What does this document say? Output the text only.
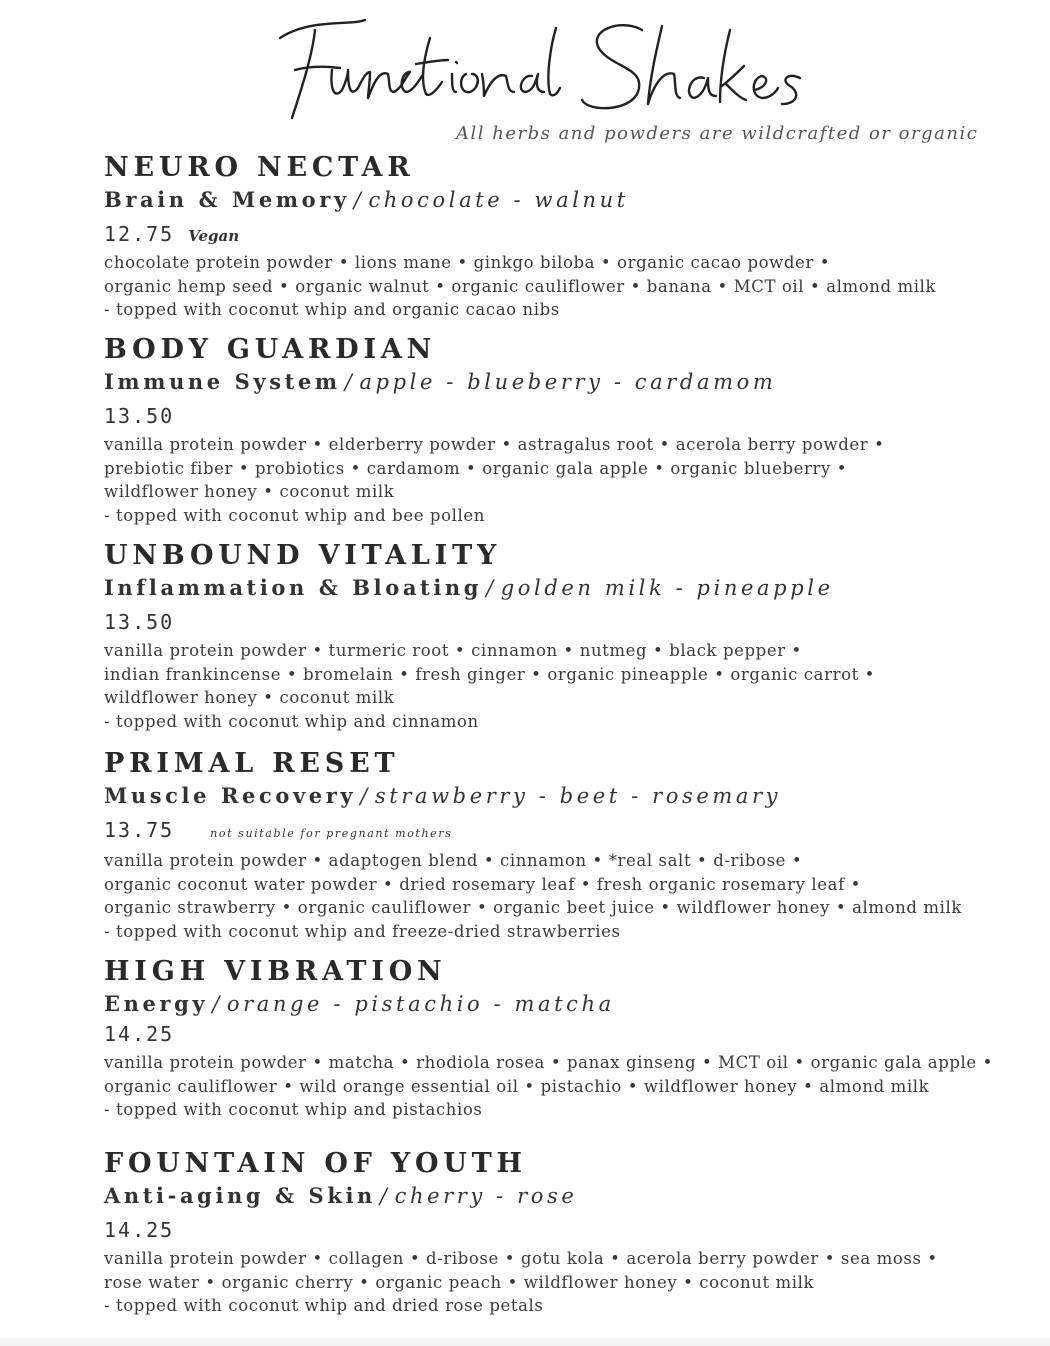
All herbs and powders are wildcrafted or organic
NEURO NECTAR
Brain & Memory / chocolate - walnut
12.75 Vegan
chocolate protein powder • lions mane • ginkgo biloba • organic cacao powder •
organic hemp seed • organic walnut • organic cauliflower • banana • MCT oil • almond milk
- topped with coconut whip and organic cacao nibs
BODY GUARDIAN
Immune System / apple - blueberry - cardamom
13.50
vanilla protein powder • elderberry powder • astragalus root • acerola berry powder •
prebiotic fiber • probiotics • cardamom • organic gala apple • organic blueberry •
wildflower honey • coconut milk
- topped with coconut whip and bee pollen
UNBOUND VITALITY
Inflammation & Bloating / golden milk - pineapple
13.50
vanilla protein powder • turmeric root • cinnamon • nutmeg • black pepper •
indian frankincense • bromelain • fresh ginger • organic pineapple • organic carrot •
wildflower honey • coconut milk
- topped with coconut whip and cinnamon
PRIMAL RESET
Muscle Recovery / strawberry - beet - rosemary
13.75	not suitable for pregnant mothers
vanilla protein powder • adaptogen blend • cinnamon • *real salt • d-ribose •
organic coconut water powder • dried rosemary leaf • fresh organic rosemary leaf •
organic strawberry • organic cauliflower • organic beet juice • wildflower honey • almond milk
- topped with coconut whip and freeze-dried strawberries
HIGH VIBRATION
Energy / orange - pistachio - matcha
14.25
vanilla protein powder • matcha • rhodiola rosea • panax ginseng • MCT oil • organic gala apple •
organic cauliflower • wild orange essential oil • pistachio • wildflower honey • almond milk
- topped with coconut whip and pistachios
FOUNTAIN OF YOUTH
Anti-aging & Skin / cherry - rose
14.25
vanilla protein powder • collagen • d-ribose • gotu kola • acerola berry powder • sea moss •
rose water • organic cherry • organic peach • wildflower honey • coconut milk
- topped with coconut whip and dried rose petals
